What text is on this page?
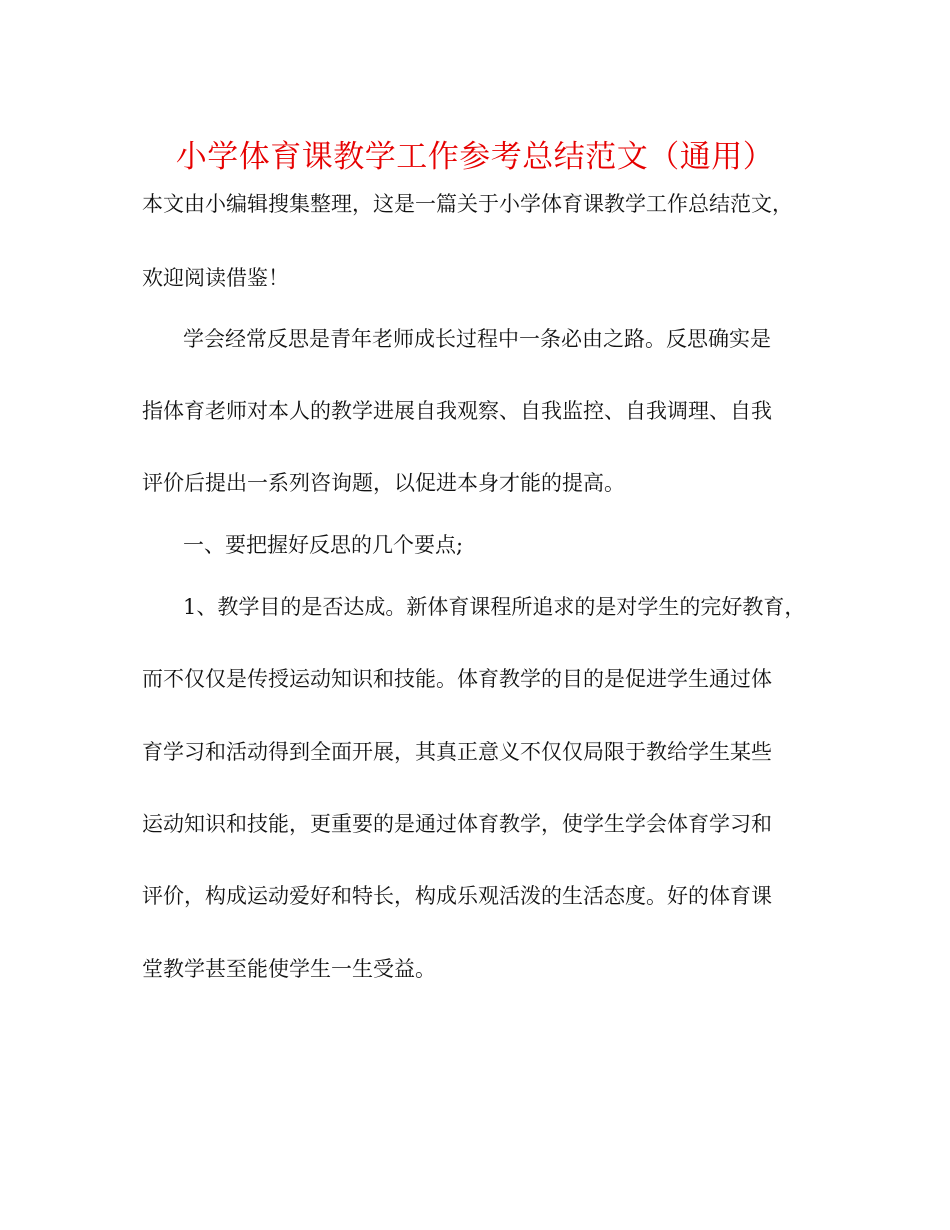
小学体育课教学工作参考总结范文（通用）
本文由小编辑搜集整理，这是一篇关于小学体育课教学工作总结范文，
欢迎阅读借鉴！
学会经常反思是青年老师成长过程中一条必由之路。反思确实是
指体育老师对本人的教学进展自我观察、自我监控、自我调理、自我
评价后提出一系列咨询题，以促进本身才能的提高。
一、要把握好反思的几个要点;
1、教学目的是否达成。新体育课程所追求的是对学生的完好教育，
而不仅仅是传授运动知识和技能。体育教学的目的是促进学生通过体
育学习和活动得到全面开展，其真正意义不仅仅局限于教给学生某些
运动知识和技能，更重要的是通过体育教学，使学生学会体育学习和
评价，构成运动爱好和特长，构成乐观活泼的生活态度。好的体育课
堂教学甚至能使学生一生受益。
